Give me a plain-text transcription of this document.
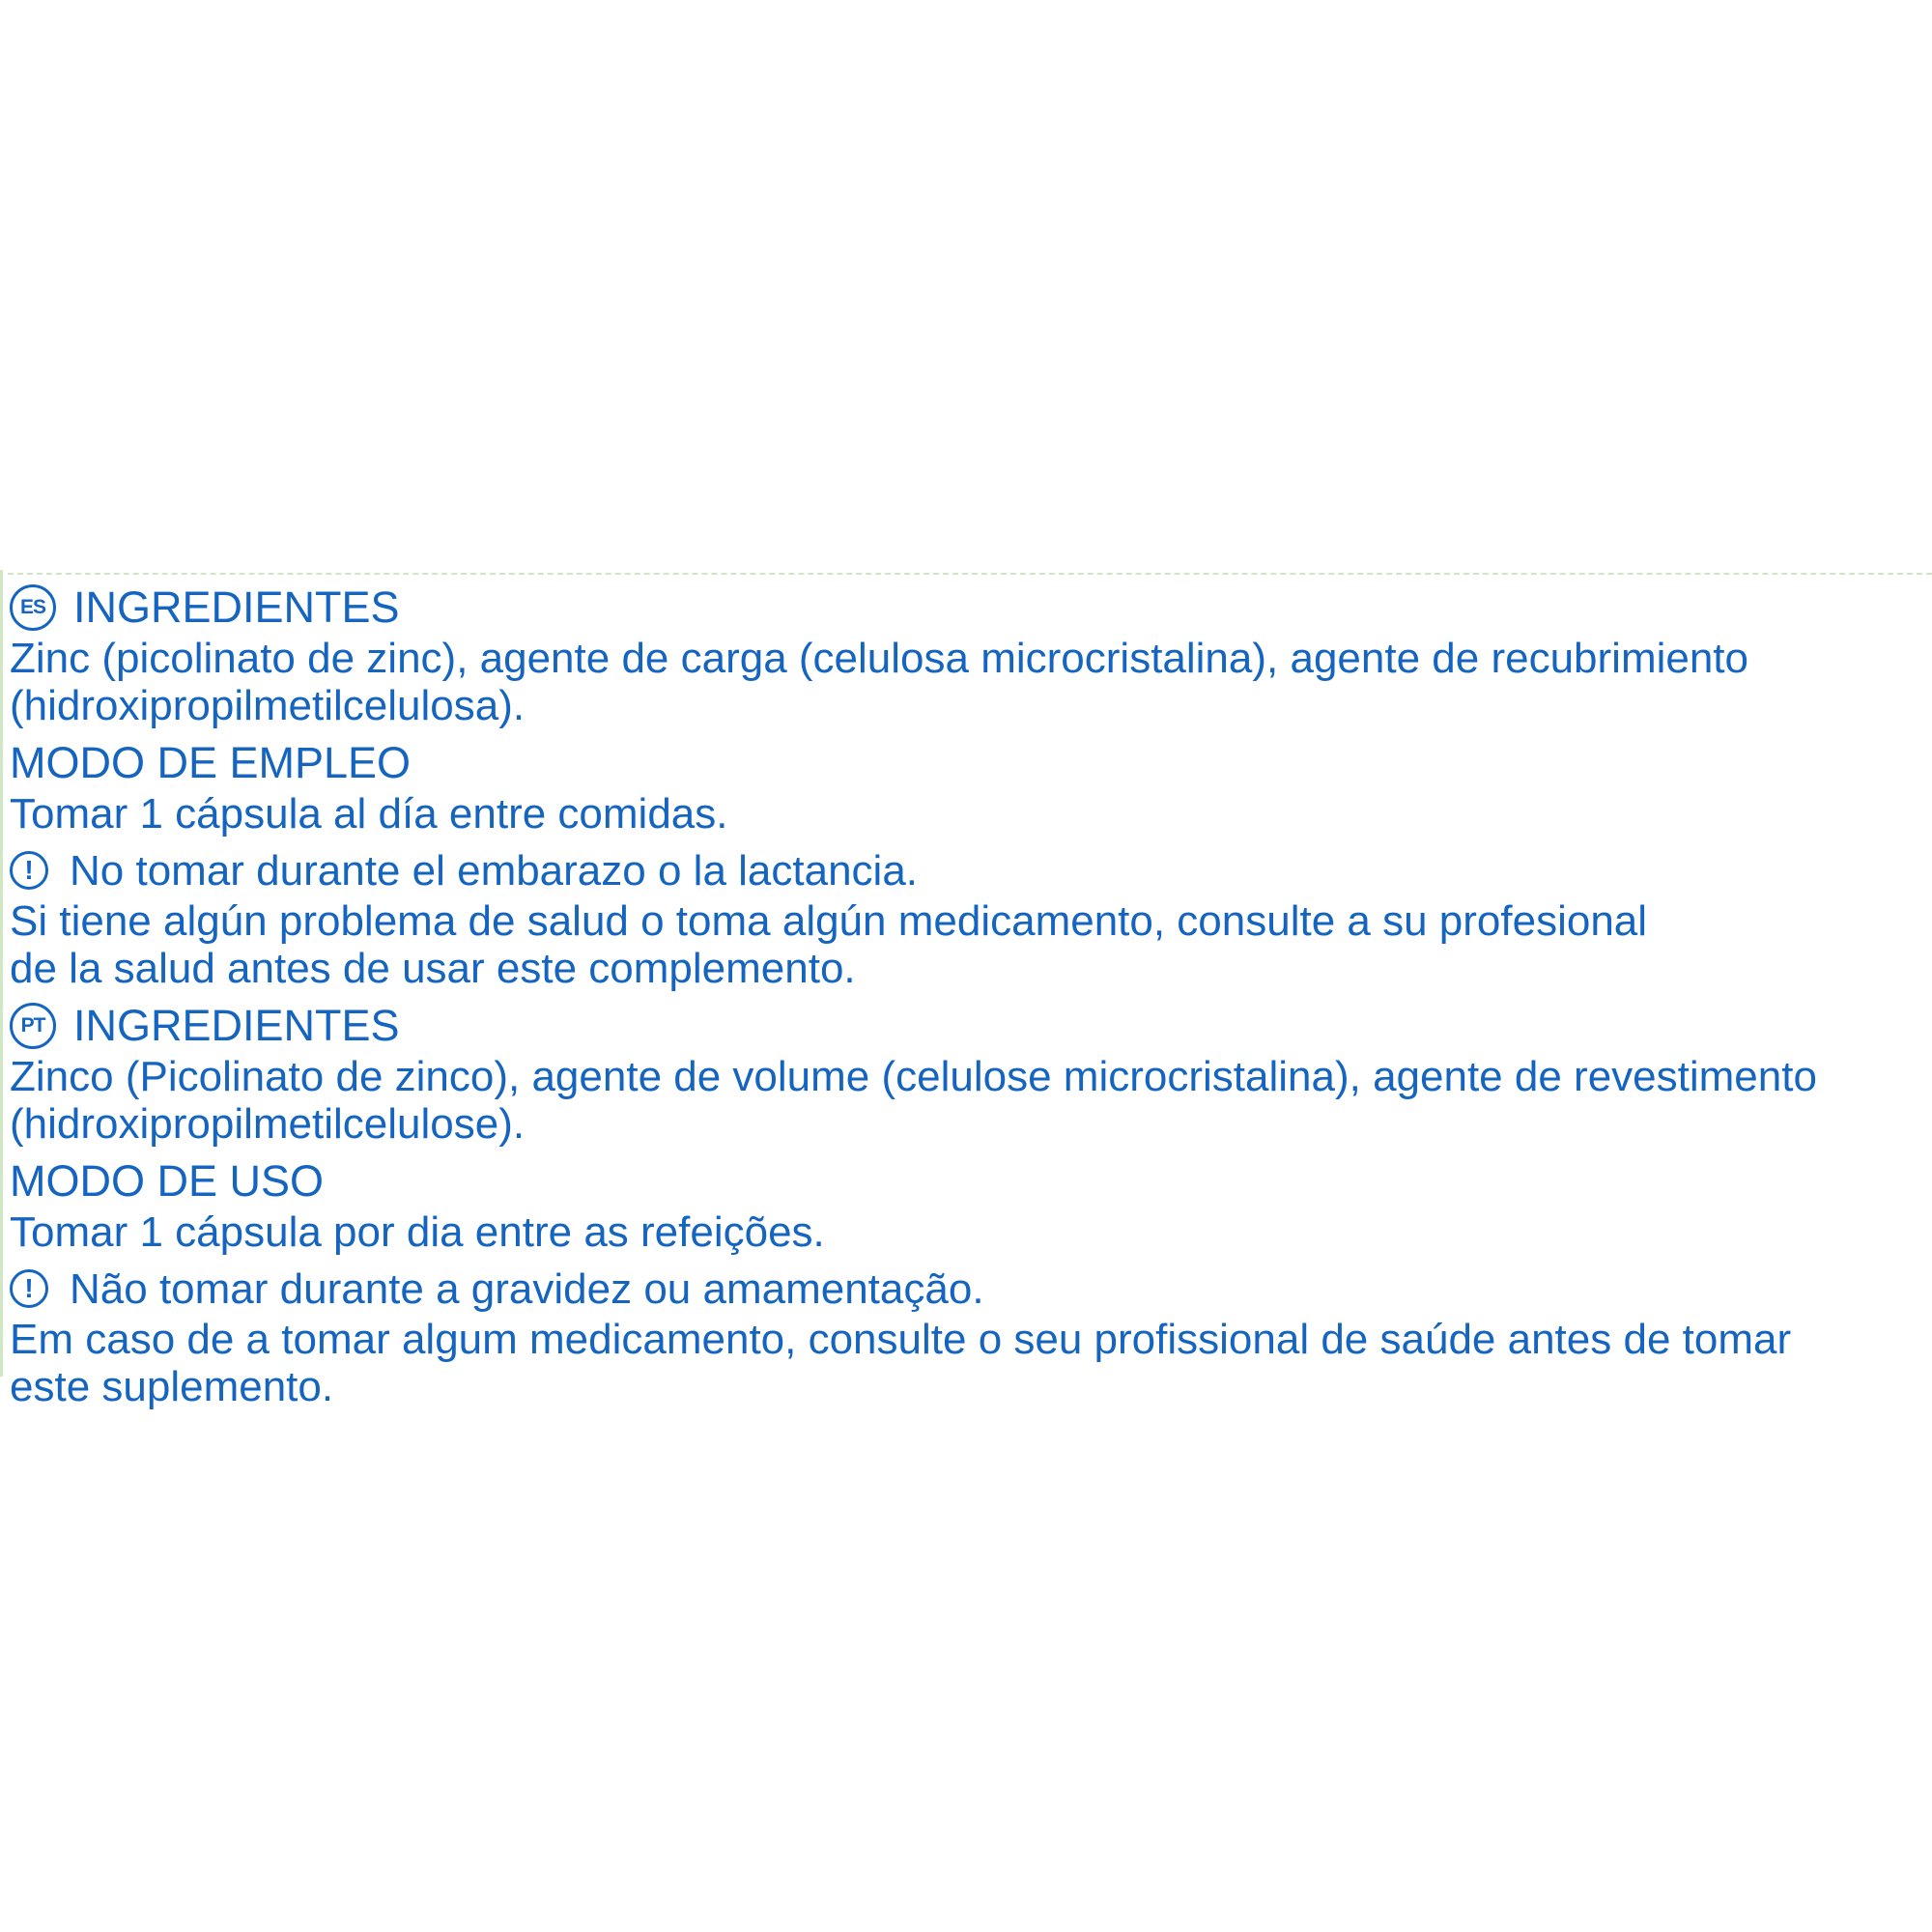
ES INGREDIENTES
Zinc (picolinato de zinc), agente de carga (celulosa microcristalina), agente de recubrimiento
(hidroxipropilmetilcelulosa).
MODO DE EMPLEO
Tomar 1 cápsula al día entre comidas.
! No tomar durante el embarazo o la lactancia.
Si tiene algún problema de salud o toma algún medicamento, consulte a su profesional
de la salud antes de usar este complemento.
PT INGREDIENTES
Zinco (Picolinato de zinco), agente de volume (celulose microcristalina), agente de revestimento
(hidroxipropilmetilcelulose).
MODO DE USO
Tomar 1 cápsula por dia entre as refeições.
! Não tomar durante a gravidez ou amamentação.
Em caso de a tomar algum medicamento, consulte o seu profissional de saúde antes de tomar
este suplemento.
